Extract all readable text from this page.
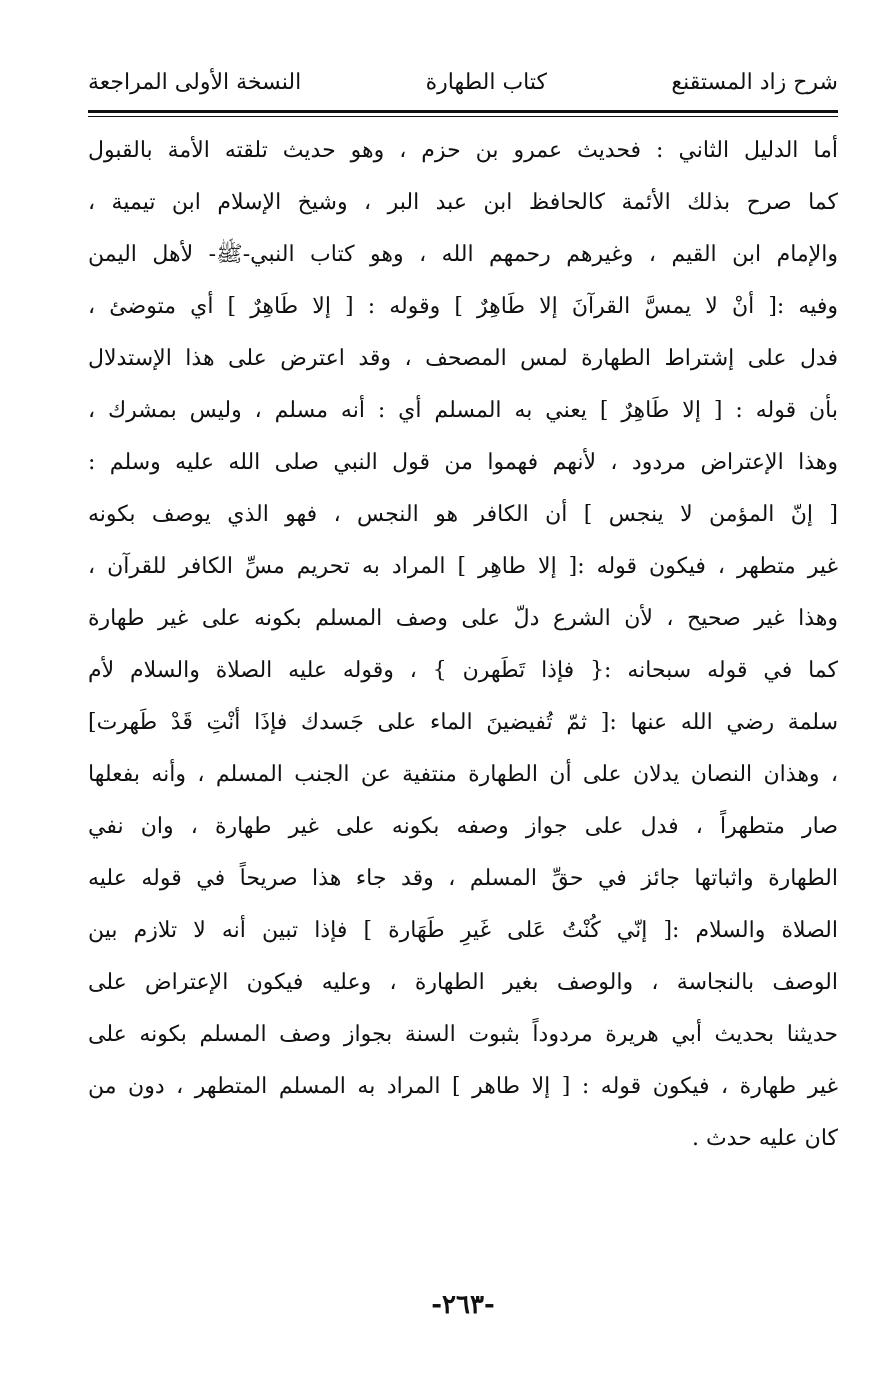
شرح زاد المستقنع
كتاب الطهارة
النسخة الأولى المراجعة
أما الدليل الثاني : فحديث عمرو بن حزم ، وهو حديث تلقته الأمة بالقبول
كما صرح بذلك الأئمة كالحافظ ابن عبد البر ، وشيخ الإسلام ابن تيمية ،
والإمام ابن القيم ، وغيرهم رحمهم الله ، وهو كتاب النبي-ﷺ- لأهل اليمن
وفيه :[ أنْ لا يمسَّ القرآنَ إلا طَاهِرٌ ] وقوله : [ إلا طَاهِرٌ ] أي متوضئ ،
فدل على إشتراط الطهارة لمس المصحف ، وقد اعترض على هذا الإستدلال
بأن قوله : [ إلا طَاهِرٌ ] يعني به المسلم أي : أنه مسلم ، وليس بمشرك ،
وهذا الإعتراض مردود ، لأنهم فهموا من قول النبي صلى الله عليه وسلم :
[ إنّ المؤمن لا ينجس ] أن الكافر هو النجس ، فهو الذي يوصف بكونه
غير متطهر ، فيكون قوله :[ إلا طاهِر ] المراد به تحريم مسِّ الكافر للقرآن ،
وهذا غير صحيح ، لأن الشرع دلّ على وصف المسلم بكونه على غير طهارة
كما في قوله سبحانه :{ فإذا تَطَهرن } ، وقوله عليه الصلاة والسلام لأم
سلمة رضي الله عنها :[ ثمّ تُفيضينَ الماء على جَسدك فإذَا أنْتِ قَدْ طَهرت]
، وهذان النصان يدلان على أن الطهارة منتفية عن الجنب المسلم ، وأنه بفعلها
صار متطهراً ، فدل على جواز وصفه بكونه على غير طهارة ، وان نفي
الطهارة واثباتها جائز في حقِّ المسلم ، وقد جاء هذا صريحاً في قوله عليه
الصلاة والسلام :[ إنّي كُنْتُ عَلى غَيرِ طَهَارة ] فإذا تبين أنه لا تلازم بين
الوصف بالنجاسة ، والوصف بغير الطهارة ، وعليه فيكون الإعتراض على
حديثنا بحديث أبي هريرة مردوداً بثبوت السنة بجواز وصف المسلم بكونه على
غير طهارة ، فيكون قوله : [ إلا طاهر ] المراد به المسلم المتطهر ، دون من
كان عليه حدث .
-٢٦٣-
